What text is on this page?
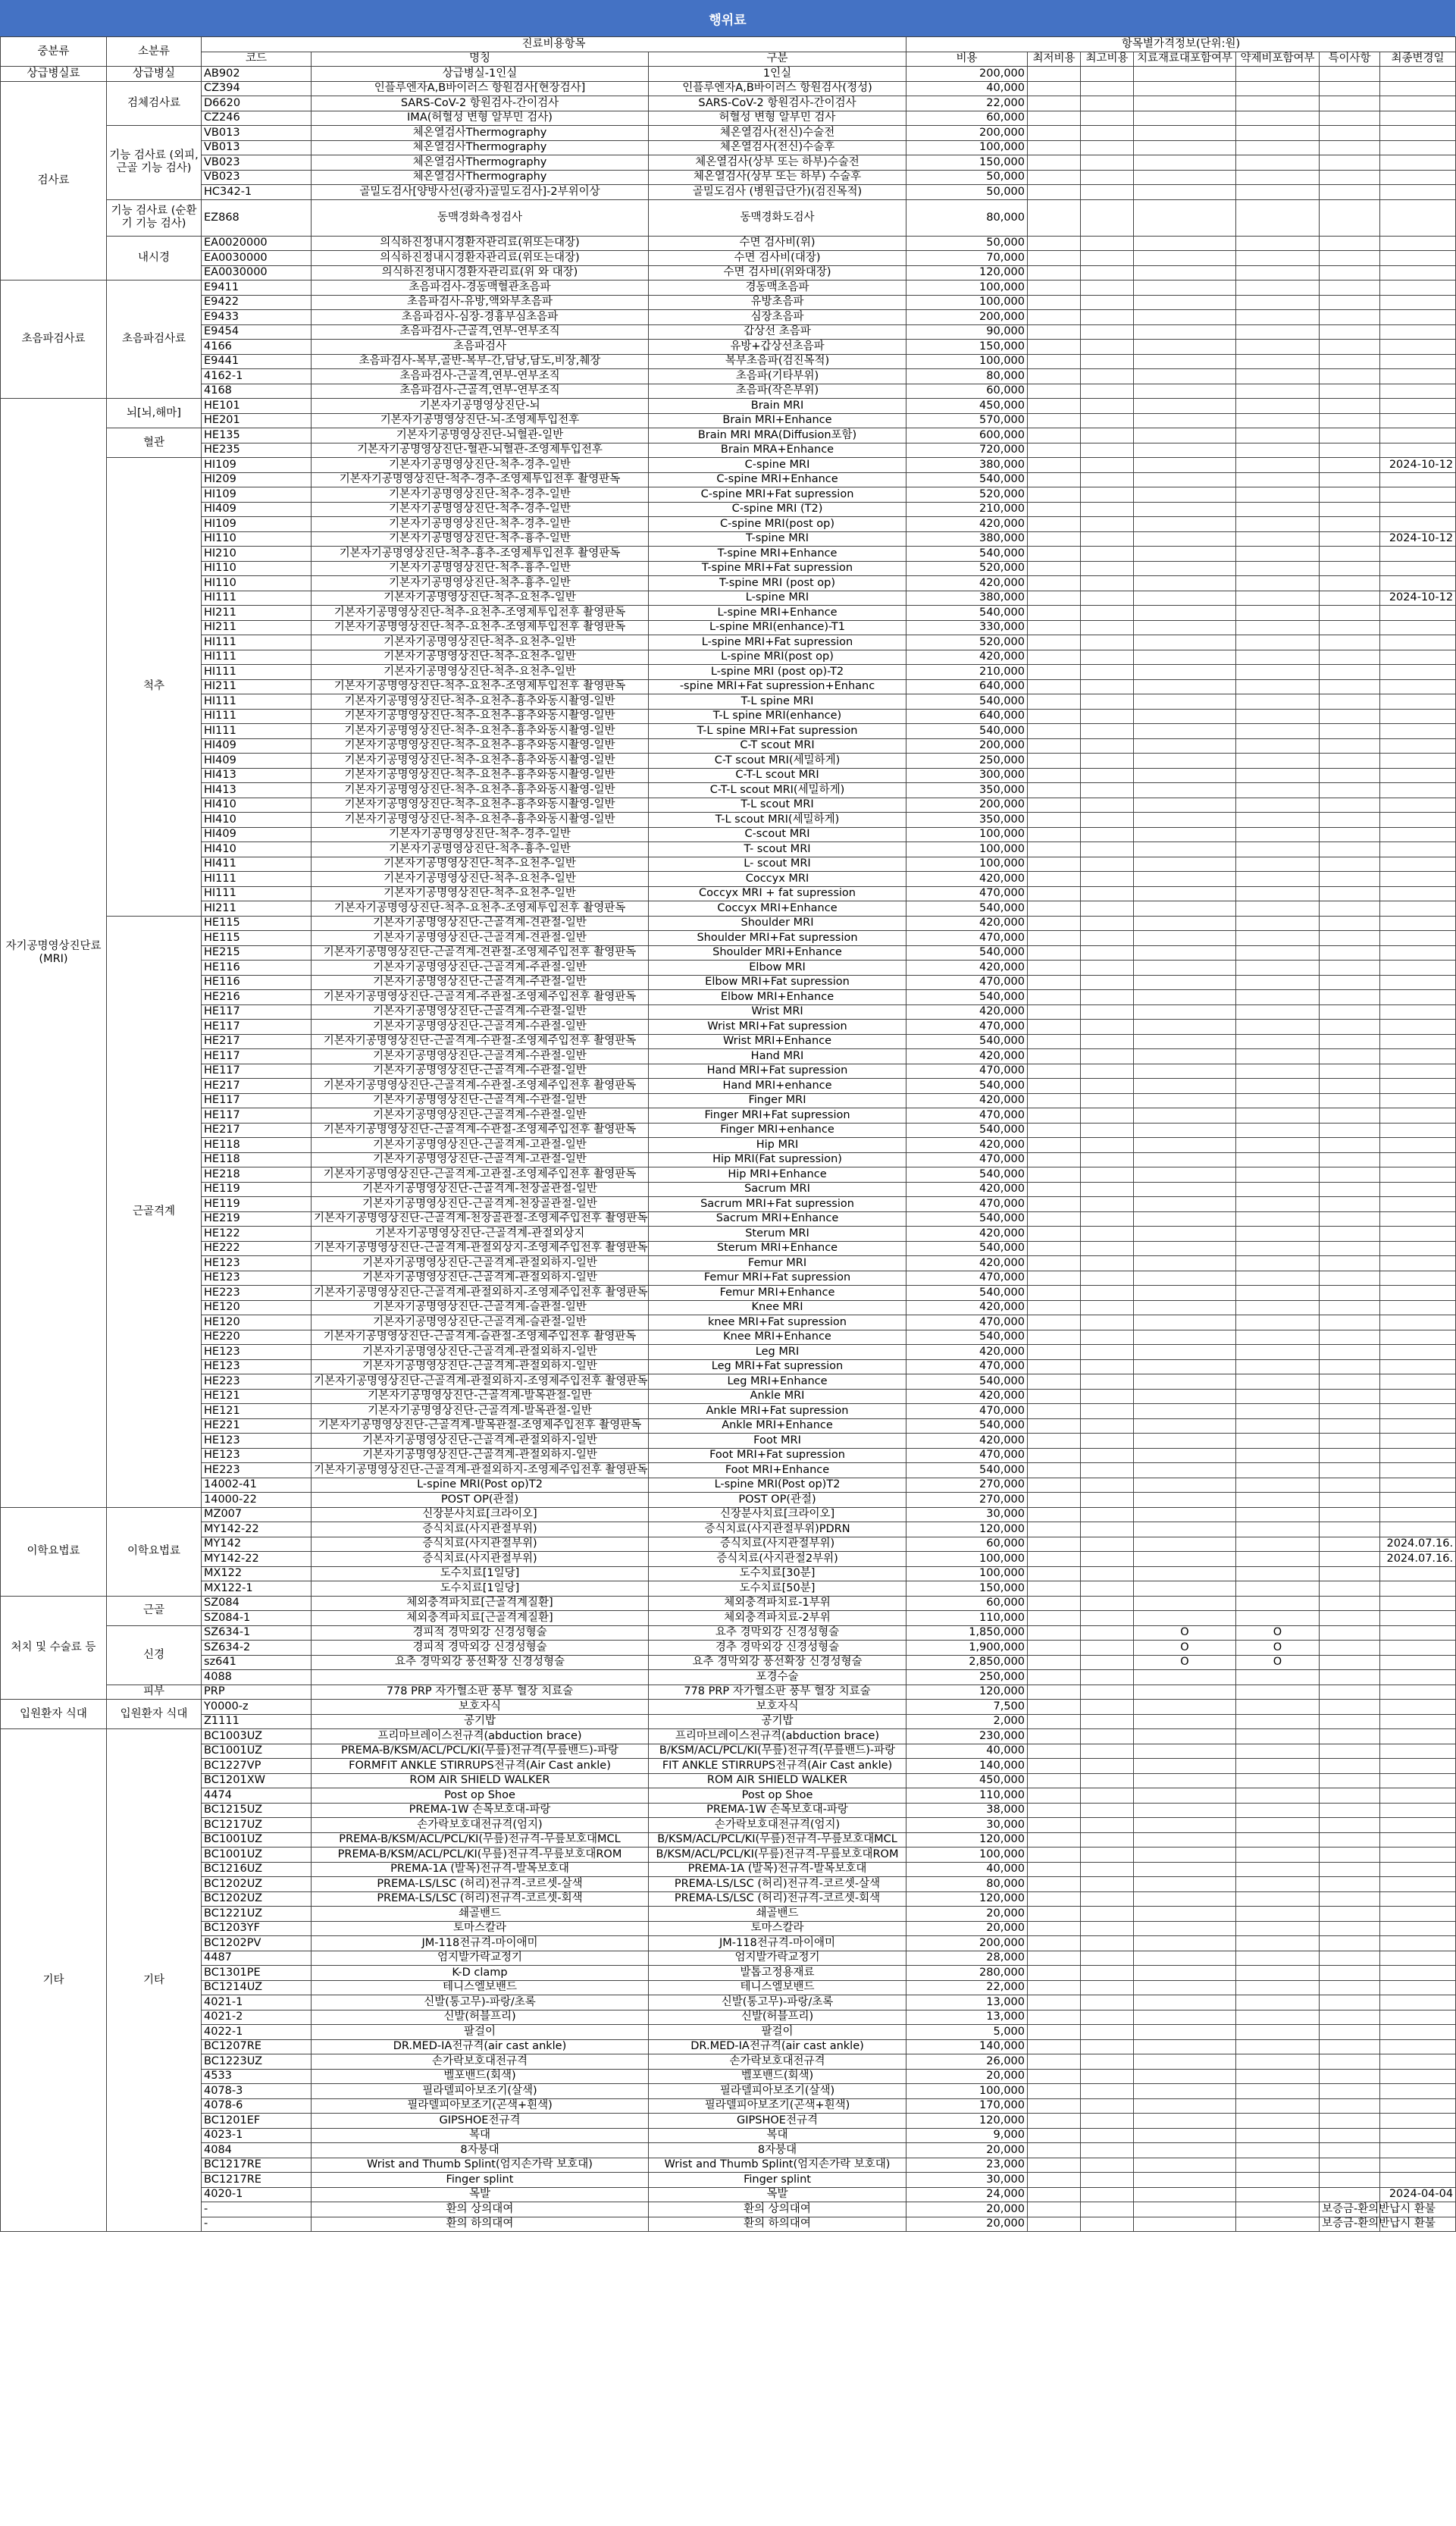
행위료
중분류	소분류	진료비용항목			항목별가격정보(단위:원)						
		코드	명칭	구분	비용	최저비용	최고비용	치료재료대포함여부	약제비포함여부	특이사항	최종변경일
상급병실료	상급병실	AB902	상급병실-1인실	1인실	200,000						
검사료	검체검사료	CZ394	인플루엔자A,B바이러스 항원검사[현장검사]	인플루엔자A,B바이러스 항원검사(정성)	40,000						
		D6620	SARS-CoV-2 항원검사-간이검사	SARS-CoV-2 항원검사-간이검사	22,000						
		CZ246	IMA(허혈성 변형 알부민 검사)	허혈성 변형 알부민 검사	60,000						
	기능 검사료 (외피, 근골 기능 검사)	VB013	체온열검사Thermography	체온열검사(전신)수술전	200,000						
		VB013	체온열검사Thermography	체온열검사(전신)수술후	100,000						
		VB023	체온열검사Thermography	체온열검사(상부 또는 하부)수술전	150,000						
		VB023	체온열검사Thermography	체온열검사(상부 또는 하부) 수술후	50,000						
		HC342-1	골밀도검사[양방사선(광자)골밀도검사]-2부위이상	골밀도검사 (병원급단가)(검진목적)	50,000						
	기능 검사료 (순환기 기능 검사)	EZ868	동맥경화측정검사	동맥경화도검사	80,000						
	내시경	EA0020000	의식하진정내시경환자관리료(위또는대장)	수면 검사비(위)	50,000						
		EA0030000	의식하진정내시경환자관리료(위또는대장)	수면 검사비(대장)	70,000						
		EA0030000	의식하진정내시경환자관리료(위 와 대장)	수면 검사비(위와대장)	120,000						
초음파검사료	초음파검사료	E9411	초음파검사-경동맥혈관초음파	경동맥초음파	100,000						
		E9422	초음파검사-유방,액와부초음파	유방초음파	100,000						
		E9433	초음파검사-심장-경흉부심초음파	심장초음파	200,000						
		E9454	초음파검사-근골격,연부-연부조직	갑상선 초음파	90,000						
		4166	초음파검사	유방+갑상선초음파	150,000						
		E9441	초음파검사-복부,골반-복부-간,담낭,담도,비장,췌장	복부초음파(검진목적)	100,000						
		4162-1	초음파검사-근골격,연부-연부조직	초음파(기타부위)	80,000						
		4168	초음파검사-근골격,연부-연부조직	초음파(작은부위)	60,000						
자기공명영상진단료 (MRI)	뇌[뇌,해마]	HE101	기본자기공명영상진단-뇌	Brain MRI	450,000						
		HE201	기본자기공명영상진단-뇌-조영제투입전후	Brain MRI+Enhance	570,000						
	혈관	HE135	기본자기공명영상진단-뇌혈관-일반	Brain MRI MRA(Diffusion포함)	600,000						
		HE235	기본자기공명영상진단-혈관-뇌혈관-조영제투입전후	Brain MRA+Enhance	720,000						
	척추	HI109	기본자기공명영상진단-척추-경추-일반	C-spine MRI	380,000						2024-10-12
		HI209	기본자기공명영상진단-척추-경추-조영제투입전후 촬영판독	C-spine MRI+Enhance	540,000						
		HI109	기본자기공명영상진단-척추-경추-일반	C-spine MRI+Fat supression	520,000						
		HI409	기본자기공명영상진단-척추-경추-일반	C-spine MRI (T2)	210,000						
		HI109	기본자기공명영상진단-척추-경추-일반	C-spine MRI(post op)	420,000						
		HI110	기본자기공명영상진단-척추-흉추-일반	T-spine MRI	380,000						2024-10-12
		HI210	기본자기공명영상진단-척추-흉추-조영제투입전후 촬영판독	T-spine MRI+Enhance	540,000						
		HI110	기본자기공명영상진단-척추-흉추-일반	T-spine MRI+Fat supression	520,000						
		HI110	기본자기공명영상진단-척추-흉추-일반	T-spine MRI (post op)	420,000						
		HI111	기본자기공명영상진단-척추-요천추-일반	L-spine MRI	380,000						2024-10-12
		HI211	기본자기공명영상진단-척추-요천추-조영제투입전후 촬영판독	L-spine MRI+Enhance	540,000						
		HI211	기본자기공명영상진단-척추-요천추-조영제투입전후 촬영판독	L-spine MRI(enhance)-T1	330,000						
		HI111	기본자기공명영상진단-척추-요천추-일반	L-spine MRI+Fat supression	520,000						
		HI111	기본자기공명영상진단-척추-요천추-일반	L-spine MRI(post op)	420,000						
		HI111	기본자기공명영상진단-척추-요천추-일반	L-spine MRI (post op)-T2	210,000						
		HI211	기본자기공명영상진단-척추-요천추-조영제투입전후 촬영판독	-spine MRI+Fat supression+Enhanc	640,000						
		HI111	기본자기공명영상진단-척추-요천추-흉추와동시촬영-일반	T-L spine MRI	540,000						
		HI111	기본자기공명영상진단-척추-요천추-흉추와동시촬영-일반	T-L spine MRI(enhance)	640,000						
		HI111	기본자기공명영상진단-척추-요천추-흉추와동시촬영-일반	T-L spine MRI+Fat supression	540,000						
		HI409	기본자기공명영상진단-척추-요천추-흉추와동시촬영-일반	C-T scout MRI	200,000						
		HI409	기본자기공명영상진단-척추-요천추-흉추와동시촬영-일반	C-T scout MRI(세밀하게)	250,000						
		HI413	기본자기공명영상진단-척추-요천추-흉추와동시촬영-일반	C-T-L scout MRI	300,000						
		HI413	기본자기공명영상진단-척추-요천추-흉추와동시촬영-일반	C-T-L scout MRI(세밀하게)	350,000						
		HI410	기본자기공명영상진단-척추-요천추-흉추와동시촬영-일반	T-L scout MRI	200,000						
		HI410	기본자기공명영상진단-척추-요천추-흉추와동시촬영-일반	T-L scout MRI(세밀하게)	350,000						
		HI409	기본자기공명영상진단-척추-경추-일반	C-scout MRI	100,000						
		HI410	기본자기공명영상진단-척추-흉추-일반	T- scout MRI	100,000						
		HI411	기본자기공명영상진단-척추-요천추-일반	L- scout MRI	100,000						
		HI111	기본자기공명영상진단-척추-요천추-일반	Coccyx MRI	420,000						
		HI111	기본자기공명영상진단-척추-요천추-일반	Coccyx MRI + fat supression	470,000						
		HI211	기본자기공명영상진단-척추-요천추-조영제투입전후 촬영판독	Coccyx MRI+Enhance	540,000						
	근골격계	HE115	기본자기공명영상진단-근골격계-견관절-일반	Shoulder MRI	420,000						
		HE115	기본자기공명영상진단-근골격계-견관절-일반	Shoulder MRI+Fat supression	470,000						
		HE215	기본자기공명영상진단-근골격계-견관절-조영제주입전후 촬영판독	Shoulder MRI+Enhance	540,000						
		HE116	기본자기공명영상진단-근골격계-주관절-일반	Elbow MRI	420,000						
		HE116	기본자기공명영상진단-근골격계-주관절-일반	Elbow MRI+Fat supression	470,000						
		HE216	기본자기공명영상진단-근골격계-주관절-조영제주입전후 촬영판독	Elbow MRI+Enhance	540,000						
		HE117	기본자기공명영상진단-근골격계-수관절-일반	Wrist MRI	420,000						
		HE117	기본자기공명영상진단-근골격계-수관절-일반	Wrist MRI+Fat supression	470,000						
		HE217	기본자기공명영상진단-근골격계-수관절-조영제주입전후 촬영판독	Wrist MRI+Enhance	540,000						
		HE117	기본자기공명영상진단-근골격계-수관절-일반	Hand MRI	420,000						
		HE117	기본자기공명영상진단-근골격계-수관절-일반	Hand MRI+Fat supression	470,000						
		HE217	기본자기공명영상진단-근골격계-수관절-조영제주입전후 촬영판독	Hand MRI+enhance	540,000						
		HE117	기본자기공명영상진단-근골격계-수관절-일반	Finger MRI	420,000						
		HE117	기본자기공명영상진단-근골격계-수관절-일반	Finger MRI+Fat supression	470,000						
		HE217	기본자기공명영상진단-근골격계-수관절-조영제주입전후 촬영판독	Finger MRI+enhance	540,000						
		HE118	기본자기공명영상진단-근골격계-고관절-일반	Hip MRI	420,000						
		HE118	기본자기공명영상진단-근골격계-고관절-일반	Hip MRI(Fat supression)	470,000						
		HE218	기본자기공명영상진단-근골격계-고관절-조영제주입전후 촬영판독	Hip MRI+Enhance	540,000						
		HE119	기본자기공명영상진단-근골격계-천장골관절-일반	Sacrum MRI	420,000						
		HE119	기본자기공명영상진단-근골격계-천장골관절-일반	Sacrum MRI+Fat supression	470,000						
		HE219	기본자기공명영상진단-근골격계-천장골관절-조영제주입전후 촬영판독	Sacrum MRI+Enhance	540,000						
		HE122	기본자기공명영상진단-근골격계-관절외상지	Sterum MRI	420,000						
		HE222	기본자기공명영상진단-근골격계-관절외상지-조영제주입전후 촬영판독	Sterum MRI+Enhance	540,000						
		HE123	기본자기공명영상진단-근골격계-관절외하지-일반	Femur MRI	420,000						
		HE123	기본자기공명영상진단-근골격계-관절외하지-일반	Femur MRI+Fat supression	470,000						
		HE223	기본자기공명영상진단-근골격계-관절외하지-조영제주입전후 촬영판독	Femur MRI+Enhance	540,000						
		HE120	기본자기공명영상진단-근골격계-슬관절-일반	Knee MRI	420,000						
		HE120	기본자기공명영상진단-근골격계-슬관절-일반	knee MRI+Fat supression	470,000						
		HE220	기본자기공명영상진단-근골격계-슬관절-조영제주입전후 촬영판독	Knee MRI+Enhance	540,000						
		HE123	기본자기공명영상진단-근골격계-관절외하지-일반	Leg MRI	420,000						
		HE123	기본자기공명영상진단-근골격계-관절외하지-일반	Leg MRI+Fat supression	470,000						
		HE223	기본자기공명영상진단-근골격계-관절외하지-조영제주입전후 촬영판독	Leg MRI+Enhance	540,000						
		HE121	기본자기공명영상진단-근골격계-발목관절-일반	Ankle MRI	420,000						
		HE121	기본자기공명영상진단-근골격계-발목관절-일반	Ankle MRI+Fat supression	470,000						
		HE221	기본자기공명영상진단-근골격계-발목관절-조영제주입전후 촬영판독	Ankle MRI+Enhance	540,000						
		HE123	기본자기공명영상진단-근골격계-관절외하지-일반	Foot MRI	420,000						
		HE123	기본자기공명영상진단-근골격계-관절외하지-일반	Foot MRI+Fat supression	470,000						
		HE223	기본자기공명영상진단-근골격계-관절외하지-조영제주입전후 촬영판독	Foot MRI+Enhance	540,000						
		14002-41	L-spine MRI(Post op)T2	L-spine MRI(Post op)T2	270,000						
		14000-22	POST OP(관절)	POST OP(관절)	270,000						
이학요법료	이학요법료	MZ007	신장분사치료[크라이오]	신장분사치료[크라이오]	30,000						
		MY142-22	증식치료(사지관절부위)	증식치료(사지관절부위)PDRN	120,000						
		MY142	증식치료(사지관절부위)	증식치료(사지관절부위)	60,000						2024.07.16.
		MY142-22	증식치료(사지관절부위)	증식치료(사지관절2부위)	100,000						2024.07.16.
		MX122	도수치료[1일당]	도수치료[30분]	100,000						
		MX122-1	도수치료[1일당]	도수치료[50분]	150,000						
처치 및 수술료 등	근골	SZ084	체외충격파치료[근골격계질환]	체외충격파치료-1부위	60,000						
		SZ084-1	체외충격파치료[근골격계질환]	체외충격파치료-2부위	110,000						
	신경	SZ634-1	경피적 경막외강 신경성형술	요추 경막외강 신경성형술	1,850,000			O	O		
		SZ634-2	경피적 경막외강 신경성형술	경추 경막외강 신경성형술	1,900,000			O	O		
		sz641	요추 경막외강 풍선확장 신경성형술	요추 경막외강 풍선확장 신경성형술	2,850,000			O	O		
		4088		포경수술	250,000						
	피부	PRP	778 PRP 자가혈소판 풍부 혈장 치료술	778 PRP 자가혈소판 풍부 혈장 치료술	120,000						
입원환자 식대	입원환자 식대	Y0000-z	보호자식	보호자식	7,500						
		Z1111	공기밥	공기밥	2,000						
기타	기타	BC1003UZ	프리마브레이스전규격(abduction brace)	프리마브레이스전규격(abduction brace)	230,000						
		BC1001UZ	PREMA-B/KSM/ACL/PCL/KI(무릎)전규격(무릎밴드)-파랑	B/KSM/ACL/PCL/KI(무릎)전규격(무릎밴드)-파랑	40,000						
		BC1227VP	FORMFIT ANKLE STIRRUPS전규격(Air Cast ankle)	FIT ANKLE STIRRUPS전규격(Air Cast ankle)	140,000						
		BC1201XW	ROM AIR SHIELD WALKER	ROM AIR SHIELD WALKER	450,000						
		4474	Post op Shoe	Post op Shoe	110,000						
		BC1215UZ	PREMA-1W 손목보호대-파랑	PREMA-1W 손목보호대-파랑	38,000						
		BC1217UZ	손가락보호대전규격(엄지)	손가락보호대전규격(엄지)	30,000						
		BC1001UZ	PREMA-B/KSM/ACL/PCL/KI(무릎)전규격-무릎보호대MCL	B/KSM/ACL/PCL/KI(무릎)전규격-무릎보호대MCL	120,000						
		BC1001UZ	PREMA-B/KSM/ACL/PCL/KI(무릎)전규격-무릎보호대ROM	B/KSM/ACL/PCL/KI(무릎)전규격-무릎보호대ROM	100,000						
		BC1216UZ	PREMA-1A (발목)전규격-발목보호대	PREMA-1A (발목)전규격-발목보호대	40,000						
		BC1202UZ	PREMA-LS/LSC (허리)전규격-코르셋-살색	PREMA-LS/LSC (허리)전규격-코르셋-살색	80,000						
		BC1202UZ	PREMA-LS/LSC (허리)전규격-코르셋-회색	PREMA-LS/LSC (허리)전규격-코르셋-회색	120,000						
		BC1221UZ	쇄골밴드	쇄골밴드	20,000						
		BC1203YF	토마스칼라	토마스칼라	20,000						
		BC1202PV	JM-118전규격-마이애미	JM-118전규격-마이애미	200,000						
		4487	엄지발가락교정기	엄지발가락교정기	28,000						
		BC1301PE	K-D clamp	발톱고정용재료	280,000						
		BC1214UZ	테니스엘보밴드	테니스엘보밴드	22,000						
		4021-1	신발(통고무)-파랑/초록	신발(통고무)-파랑/초록	13,000						
		4021-2	신발(허블프리)	신발(허블프리)	13,000						
		4022-1	팔걸이	팔걸이	5,000						
		BC1207RE	DR.MED-IA전규격(air cast ankle)	DR.MED-IA전규격(air cast ankle)	140,000						
		BC1223UZ	손가락보호대전규격	손가락보호대전규격	26,000						
		4533	벨포밴드(회색)	벨포밴드(회색)	20,000						
		4078-3	필라델피아보조기(살색)	필라델피아보조기(살색)	100,000						
		4078-6	필라델피아보조기(곤색+흰색)	필라델피아보조기(곤색+흰색)	170,000						
		BC1201EF	GIPSHOE전규격	GIPSHOE전규격	120,000						
		4023-1	복대	복대	9,000						
		4084	8자붕대	8자붕대	20,000						
		BC1217RE	Wrist and Thumb Splint(엄지손가락 보호대)	Wrist and Thumb Splint(엄지손가락 보호대)	23,000						
		BC1217RE	Finger splint	Finger splint	30,000						
		4020-1	목발	목발	24,000						2024-04-04
		-	환의 상의대여	환의 상의대여	20,000					보증금-환의반납시 환불	
		-	환의 하의대여	환의 하의대여	20,000					보증금-환의반납시 환불	
